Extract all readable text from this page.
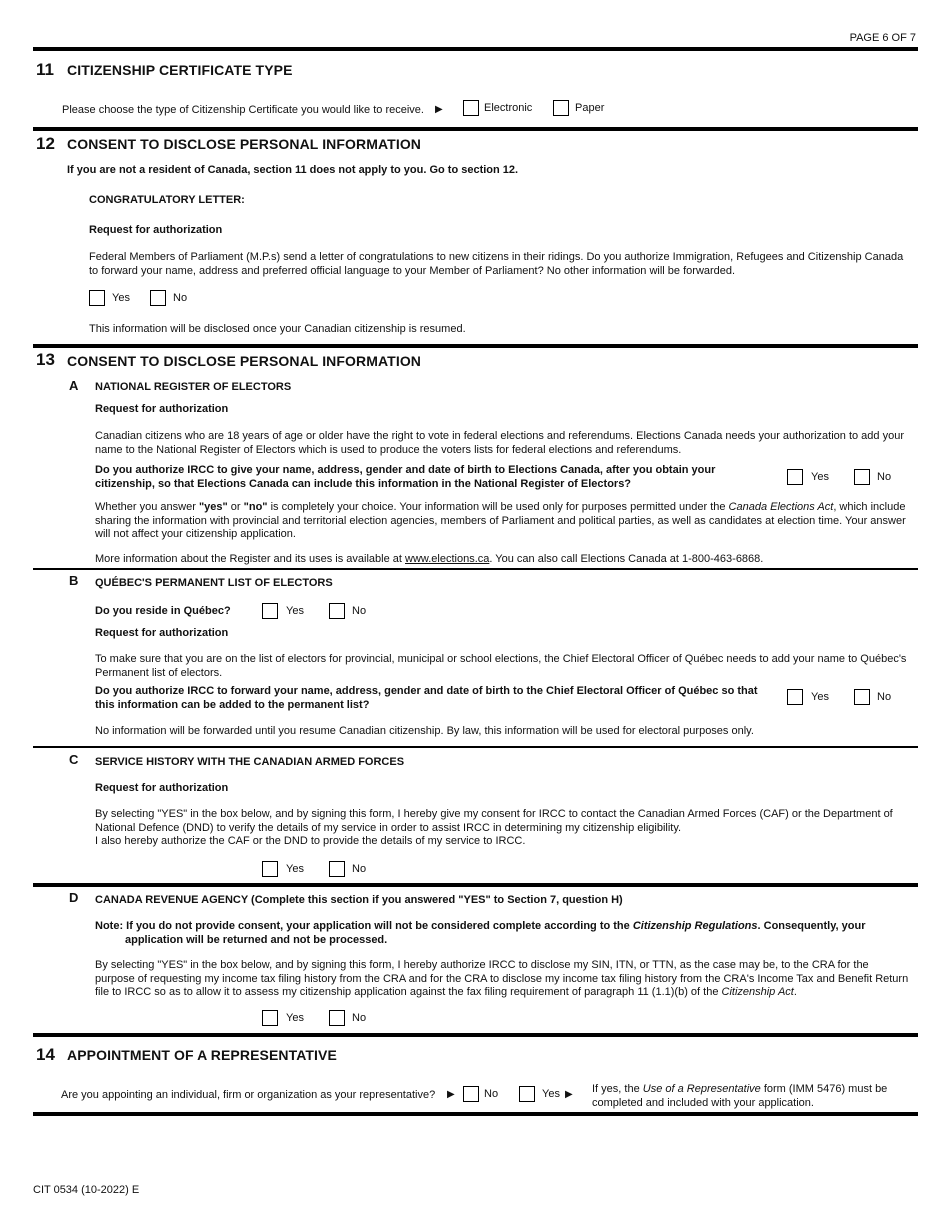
PAGE 6 OF 7
11 CITIZENSHIP CERTIFICATE TYPE
Please choose the type of Citizenship Certificate you would like to receive. ▶	Electronic	Paper
12 CONSENT TO DISCLOSE PERSONAL INFORMATION
If you are not a resident of Canada, section 11 does not apply to you. Go to section 12.
CONGRATULATORY LETTER:
Request for authorization
Federal Members of Parliament (M.P.s) send a letter of congratulations to new citizens in their ridings. Do you authorize Immigration, Refugees and Citizenship Canada to forward your name, address and preferred official language to your Member of Parliament? No other information will be forwarded.
Yes	No
This information will be disclosed once your Canadian citizenship is resumed.
13 CONSENT TO DISCLOSE PERSONAL INFORMATION
A NATIONAL REGISTER OF ELECTORS
Request for authorization
Canadian citizens who are 18 years of age or older have the right to vote in federal elections and referendums. Elections Canada needs your authorization to add your name to the National Register of Electors which is used to produce the voters lists for federal elections and referendums.
Do you authorize IRCC to give your name, address, gender and date of birth to Elections Canada, after you obtain your citizenship, so that Elections Canada can include this information in the National Register of Electors?
Yes	No
Whether you answer "yes" or "no" is completely your choice. Your information will be used only for purposes permitted under the Canada Elections Act, which include sharing the information with provincial and territorial election agencies, members of Parliament and political parties, as well as candidates at election time. Your answer will not affect your citizenship application.
More information about the Register and its uses is available at www.elections.ca. You can also call Elections Canada at 1-800-463-6868.
B QUÉBEC'S PERMANENT LIST OF ELECTORS
Do you reside in Québec?	Yes	No
Request for authorization
To make sure that you are on the list of electors for provincial, municipal or school elections, the Chief Electoral Officer of Québec needs to add your name to Québec's Permanent list of electors.
Do you authorize IRCC to forward your name, address, gender and date of birth to the Chief Electoral Officer of Québec so that this information can be added to the permanent list?
Yes	No
No information will be forwarded until you resume Canadian citizenship. By law, this information will be used for electoral purposes only.
C SERVICE HISTORY WITH THE CANADIAN ARMED FORCES
Request for authorization
By selecting "YES" in the box below, and by signing this form, I hereby give my consent for IRCC to contact the Canadian Armed Forces (CAF) or the Department of National Defence (DND) to verify the details of my service in order to assist IRCC in determining my citizenship eligibility.
I also hereby authorize the CAF or the DND to provide the details of my service to IRCC.
Yes	No
D CANADA REVENUE AGENCY (Complete this section if you answered "YES" to Section 7, question H)
Note: If you do not provide consent, your application will not be considered complete according to the Citizenship Regulations. Consequently, your
application will be returned and not be processed.
By selecting "YES" in the box below, and by signing this form, I hereby authorize IRCC to disclose my SIN, ITN, or TTN, as the case may be, to the CRA for the purpose of requesting my income tax filing history from the CRA and for the CRA to disclose my income tax filing history from the CRA's Income Tax and Benefit Return file to IRCC so as to allow it to assess my citizenship application against the fax filing requirement of paragraph 11 (1.1)(b) of the Citizenship Act.
Yes	No
14 APPOINTMENT OF A REPRESENTATIVE
Are you appointing an individual, firm or organization as your representative? ▶	No	Yes ▶ If yes, the Use of a Representative form (IMM 5476) must be completed and included with your application.
CIT 0534 (10-2022) E
